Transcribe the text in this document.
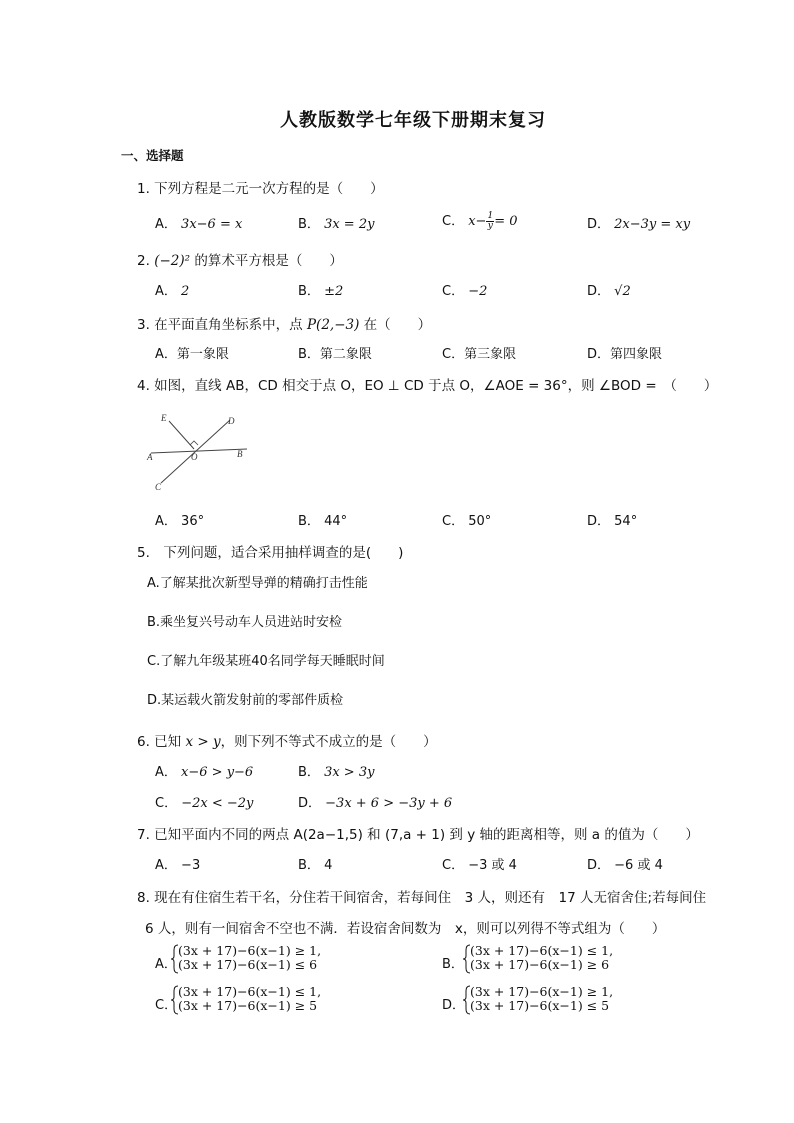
人教版数学七年级下册期末复习
一、选择题
1. 下列方程是二元一次方程的是（　　）
A． 3x−6 = x	B． 3x = 2y	C． $x- \frac{1}{y} = 0$	D． 2x−3y = xy
2. (−2)² 的算术平方根是（　　）
A． 2	B． ±2	C． −2	D． √2
3. 在平面直角坐标系中，点 P(2,−3) 在（　　）
A．第一象限	B．第二象限	C．第三象限	D．第四象限
4. 如图，直线 AB，CD 相交于点 O，EO ⊥ CD 于点 O，∠AOE = 36°，则 ∠BOD =　（　　）
E	D
A	O	B
C
A． 36°	B． 44°	C． 50°	D． 54°
5.　下列问题，适合采用抽样调查的是(　　)
A.了解某批次新型导弹的精确打击性能
B.乘坐复兴号动车人员进站时安检
C.了解九年级某班40名同学每天睡眠时间
D.某运载火箭发射前的零部件质检
6. 已知 x > y，则下列不等式不成立的是（　　）
A． x−6 > y−6	B． 3x > 3y
C． −2x < −2y	D． −3x + 6 > −3y + 6
7. 已知平面内不同的两点 A(2a−1,5) 和 (7,a + 1) 到 y 轴的距离相等，则 a 的值为（　　）
A． −3	B． 4	C． −3 或 4	D． −6 或 4
8. 现在有住宿生若干名，分住若干间宿舍，若每间住　3 人，则还有　17 人无宿舍住;若每间住
6 人，则有一间宿舍不空也不满．若设宿舍间数为　x，则可以列得不等式组为（　　）
A．
(3x + 17)−6(x−1) ≥ 1,
(3x + 17)−6(x−1) ≤ 6	B．
(3x + 17)−6(x−1) ≤ 1,
(3x + 17)−6(x−1) ≥ 6
C．
(3x + 17)−6(x−1) ≤ 1,
(3x + 17)−6(x−1) ≥ 5	D．
(3x + 17)−6(x−1) ≥ 1,
(3x + 17)−6(x−1) ≤ 5
